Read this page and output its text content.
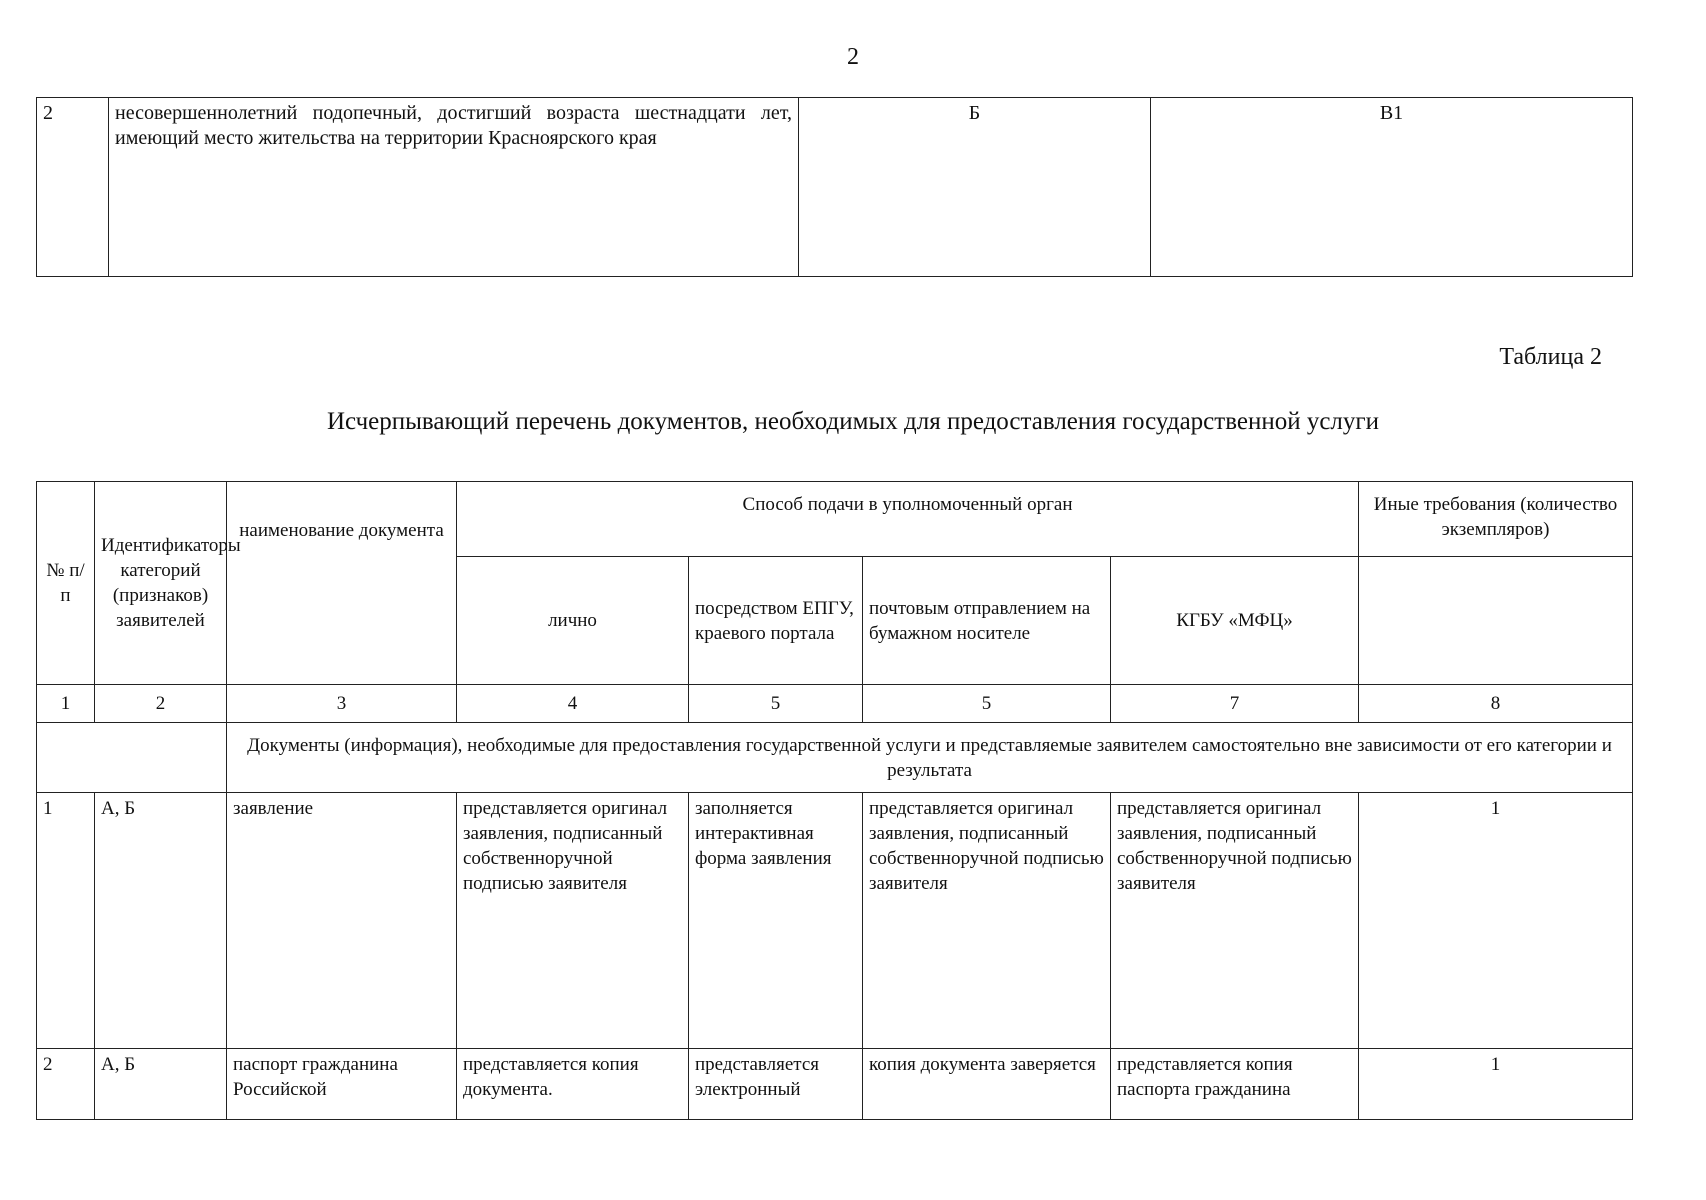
2
2	несовершеннолетний подопечный, достигший возраста шестнадцати лет, имеющий место жительства на территории Красноярского края	Б	В1
Таблица 2
Исчерпывающий перечень документов, необходимых для предоставления государственной услуги
№ п/п	Идентификаторы категорий (признаков) заявителей	наименование документа	Способ подачи в уполномоченный орган				Иные требования (количество экземпляров)
			лично	посредством ЕПГУ, краевого портала	почтовым отправлением на бумажном носителе	КГБУ «МФЦ»	
1	2	3	4	5	5	7	8
		Документы (информация), необходимые для предоставления государственной услуги и представляемые заявителем самостоятельно вне зависимости от его категории и результата					
1	А, Б	заявление	представляется оригинал заявления, подписанный собственноручной подписью заявителя	заполняется интерактивная форма заявления	представляется оригинал заявления, подписанный собственноручной подписью заявителя	представляется оригинал заявления, подписанный собственноручной подписью заявителя	1
2	А, Б	паспорт гражданина Российской	представляется копия документа.	представляется электронный	копия документа заверяется	представляется копия паспорта гражданина	1
